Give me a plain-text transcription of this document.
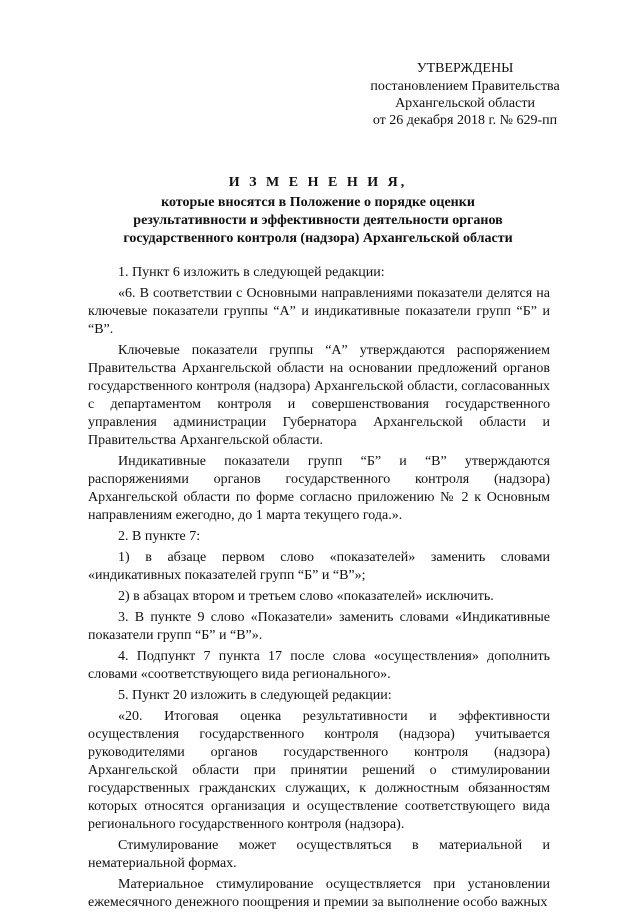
УТВЕРЖДЕНЫ
постановлением Правительства
Архангельской области
от 26 декабря 2018 г. № 629-пп
И З М Е Н Е Н И Я,
которые вносятся в Положение о порядке оценки
результативности и эффективности деятельности органов
государственного контроля (надзора) Архангельской области

1. Пункт 6 изложить в следующей редакции:

«6. В соответствии с Основными направлениями показатели делятся на ключевые показатели группы “А” и индикативные показатели групп “Б” и “В”.

Ключевые показатели группы “А” утверждаются распоряжением Правительства Архангельской области на основании предложений органов государственного контроля (надзора) Архангельской области, согласованных с департаментом контроля и совершенствования государственного управления администрации Губернатора Архангельской области и Правительства Архангельской области.

Индикативные показатели групп “Б” и “В” утверждаются распоряжениями органов государственного контроля (надзора) Архангельской области по форме согласно приложению № 2 к Основным направлениям ежегодно, до 1 марта текущего года.».

2. В пункте 7:

1) в абзаце первом слово «показателей» заменить словами «индикативных показателей групп “Б” и “В”»;

2) в абзацах втором и третьем слово «показателей» исключить.

3. В пункте 9 слово «Показатели» заменить словами «Индикативные показатели групп “Б” и “В”».

4. Подпункт 7 пункта 17 после слова «осуществления» дополнить словами «соответствующего вида регионального».

5. Пункт 20 изложить в следующей редакции:

«20. Итоговая оценка результативности и эффективности осуществления государственного контроля (надзора) учитывается руководителями органов государственного контроля (надзора) Архангельской области при принятии решений о стимулировании государственных гражданских служащих, к должностным обязанностям которых относятся организация и осуществление соответствующего вида регионального государственного контроля (надзора).

Стимулирование может осуществляться в материальной и нематериальной формах.

Материальное стимулирование осуществляется при установлении ежемесячного денежного поощрения и премии за выполнение особо важных
